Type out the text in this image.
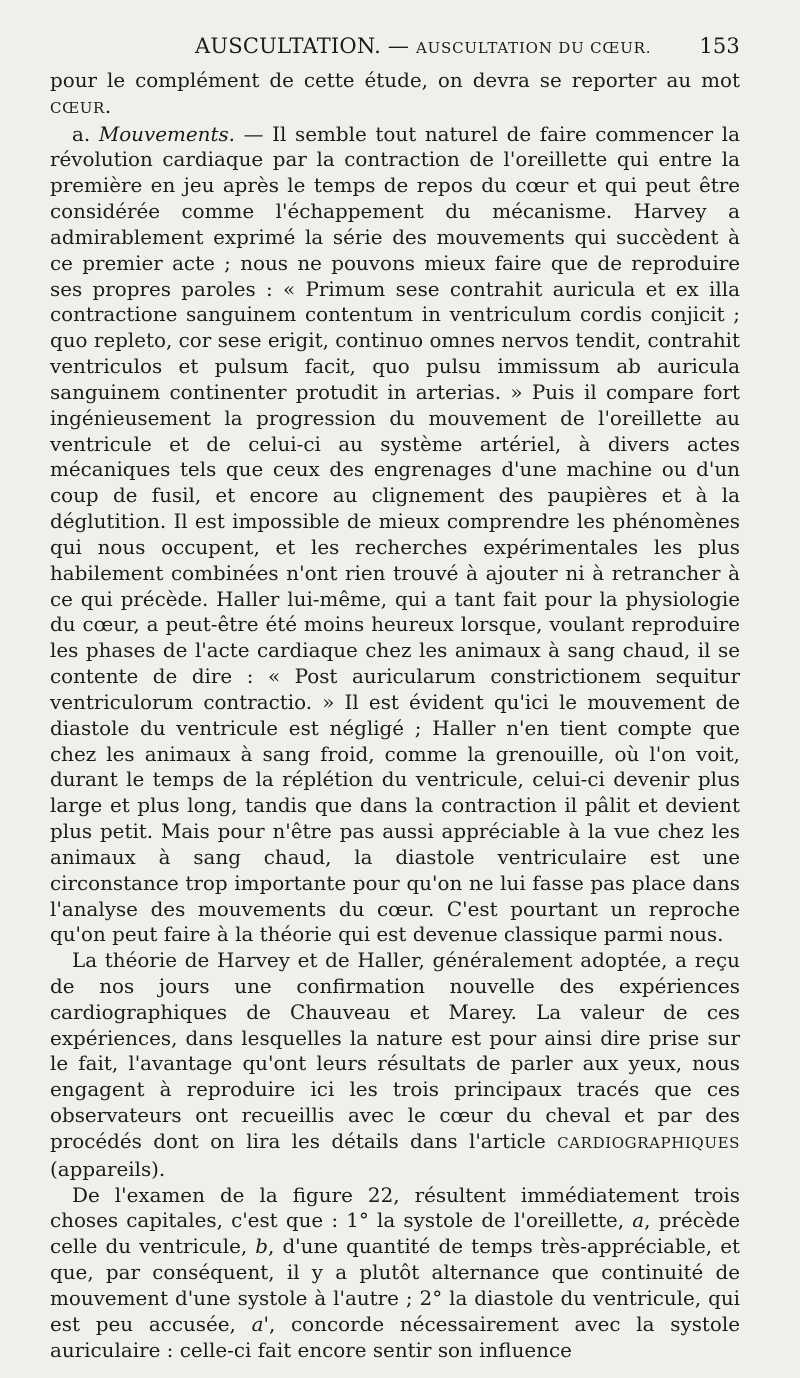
AUSCULTATION. — AUSCULTATION DU CŒUR. 153

pour le complément de cette étude, on devra se reporter au mot CŒUR.

a. Mouvements. — Il semble tout naturel de faire commencer la révolution cardiaque par la contraction de l'oreillette qui entre la première en jeu après le temps de repos du cœur et qui peut être considérée comme l'échappement du mécanisme. Harvey a admirablement exprimé la série des mouvements qui succèdent à ce premier acte ; nous ne pouvons mieux faire que de reproduire ses propres paroles : « Primum sese contrahit auricula et ex illa contractione sanguinem contentum in ventriculum cordis conjicit ; quo repleto, cor sese erigit, continuo omnes nervos tendit, contrahit ventriculos et pulsum facit, quo pulsu immissum ab auricula sanguinem continenter protudit in arterias. » Puis il compare fort ingénieusement la progression du mouvement de l'oreillette au ventricule et de celui-ci au système artériel, à divers actes mécaniques tels que ceux des engrenages d'une machine ou d'un coup de fusil, et encore au clignement des paupières et à la déglutition. Il est impossible de mieux comprendre les phénomènes qui nous occupent, et les recherches expérimentales les plus habilement combinées n'ont rien trouvé à ajouter ni à retrancher à ce qui précède. Haller lui-même, qui a tant fait pour la physiologie du cœur, a peut-être été moins heureux lorsque, voulant reproduire les phases de l'acte cardiaque chez les animaux à sang chaud, il se contente de dire : « Post auricularum constrictionem sequitur ventriculorum contractio. » Il est évident qu'ici le mouvement de diastole du ventricule est négligé ; Haller n'en tient compte que chez les animaux à sang froid, comme la grenouille, où l'on voit, durant le temps de la réplétion du ventricule, celui-ci devenir plus large et plus long, tandis que dans la contraction il pâlit et devient plus petit. Mais pour n'être pas aussi appréciable à la vue chez les animaux à sang chaud, la diastole ventriculaire est une circonstance trop importante pour qu'on ne lui fasse pas place dans l'analyse des mouvements du cœur. C'est pourtant un reproche qu'on peut faire à la théorie qui est devenue classique parmi nous.

La théorie de Harvey et de Haller, généralement adoptée, a reçu de nos jours une confirmation nouvelle des expériences cardiographiques de Chauveau et Marey. La valeur de ces expériences, dans lesquelles la nature est pour ainsi dire prise sur le fait, l'avantage qu'ont leurs résultats de parler aux yeux, nous engagent à reproduire ici les trois principaux tracés que ces observateurs ont recueillis avec le cœur du cheval et par des procédés dont on lira les détails dans l'article CARDIOGRAPHIQUES (appareils).

De l'examen de la figure 22, résultent immédiatement trois choses capitales, c'est que : 1° la systole de l'oreillette, a, précède celle du ventricule, b, d'une quantité de temps très-appréciable, et que, par conséquent, il y a plutôt alternance que continuité de mouvement d'une systole à l'autre ; 2° la diastole du ventricule, qui est peu accusée, a', concorde nécessairement avec la systole auriculaire : celle-ci fait encore sentir son influence
